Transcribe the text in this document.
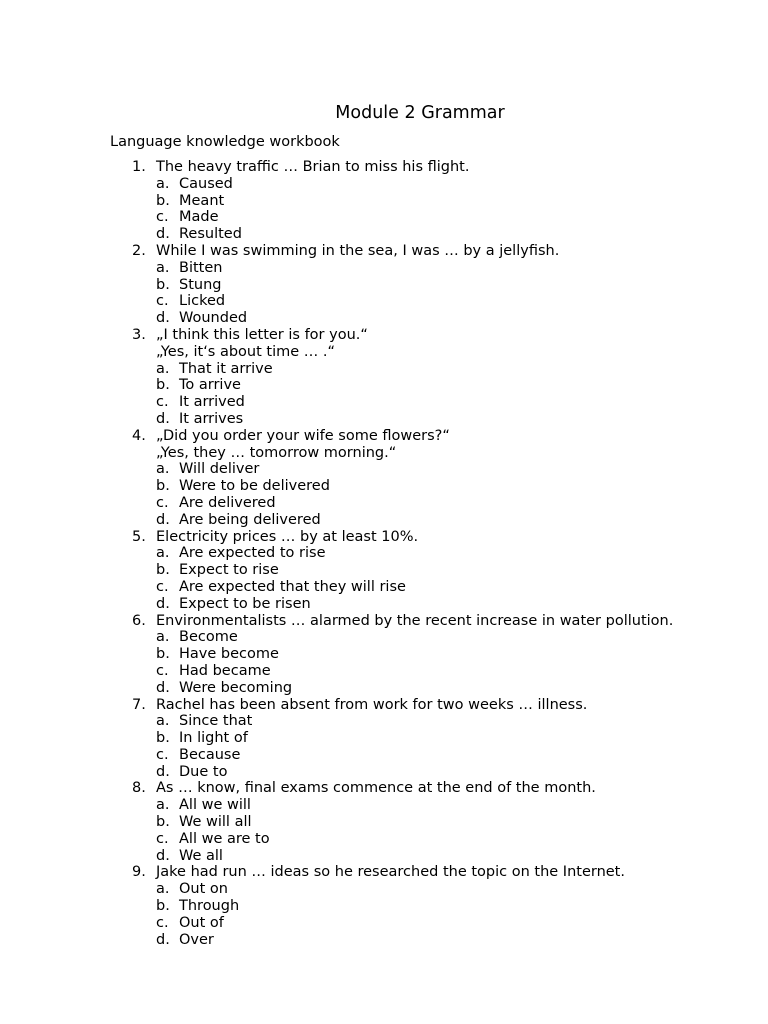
Module 2 Grammar

Language knowledge workbook

1. The heavy traffic … Brian to miss his flight.
a. Caused
b. Meant
c. Made
d. Resulted
2. While I was swimming in the sea, I was … by a jellyfish.
a. Bitten
b. Stung
c. Licked
d. Wounded
3. „I think this letter is for you.“
„Yes, it‘s about time … .“
a. That it arrive
b. To arrive
c. It arrived
d. It arrives
4. „Did you order your wife some flowers?“
„Yes, they … tomorrow morning.“
a. Will deliver
b. Were to be delivered
c. Are delivered
d. Are being delivered
5. Electricity prices … by at least 10%.
a. Are expected to rise
b. Expect to rise
c. Are expected that they will rise
d. Expect to be risen
6. Environmentalists … alarmed by the recent increase in water pollution.
a. Become
b. Have become
c. Had became
d. Were becoming
7. Rachel has been absent from work for two weeks … illness.
a. Since that
b. In light of
c. Because
d. Due to
8. As … know, final exams commence at the end of the month.
a. All we will
b. We will all
c. All we are to
d. We all
9. Jake had run … ideas so he researched the topic on the Internet.
a. Out on
b. Through
c. Out of
d. Over
